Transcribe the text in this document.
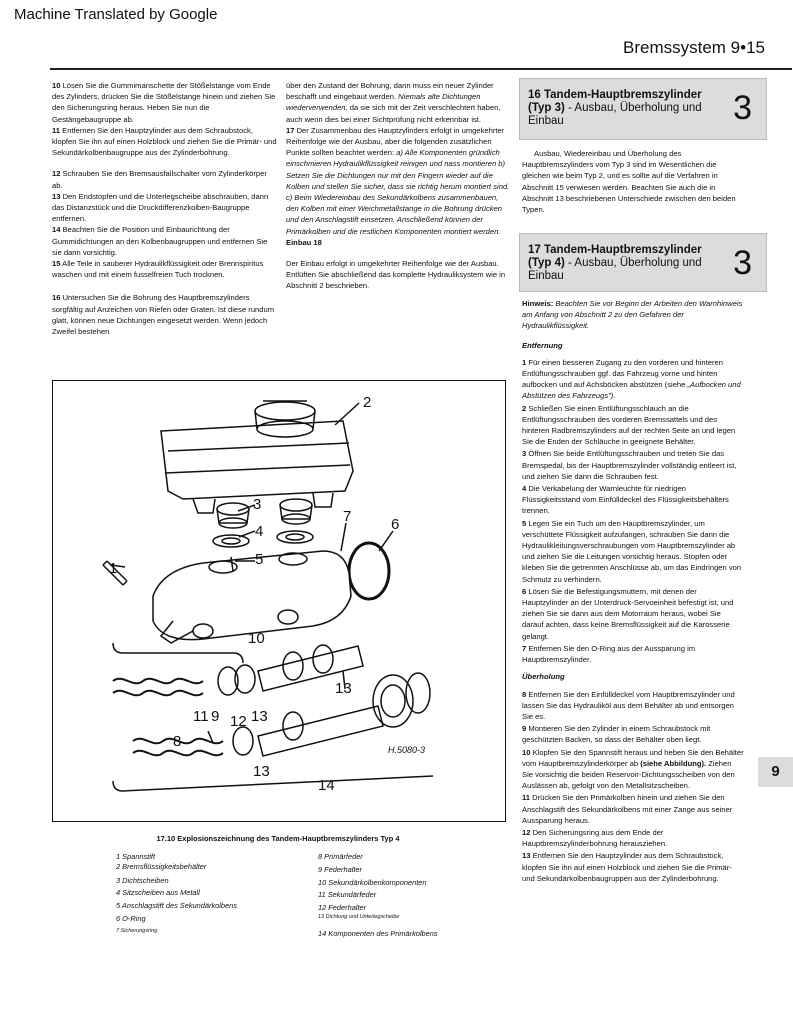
Machine Translated by Google
Bremssystem 9•15

10 Lösen Sie die Gummimanschette der Stößelstange vom Ende des Zylinders, drücken Sie die Stößelstange hinein und ziehen Sie den Sicherungsring heraus. Heben Sie nun die Gestängebaugruppe ab.

11 Entfernen Sie den Hauptzylinder aus dem Schraubstock, klopfen Sie ihn auf einen Holzblock und ziehen Sie die Primär- und Sekundärkolbenbaugruppe aus der Zylinderbohrung.

12 Schrauben Sie den Bremsausfallschalter vom Zylinderkörper ab.

13 Den Endstopfen und die Unterlegscheibe abschrauben, dann das Distanzstück und die Druckdifferenzkolben-Baugruppe entfernen.

14 Beachten Sie die Position und Einbaurichtung der Gummidichtungen an den Kolbenbaugruppen und entfernen Sie sie dann vorsichtig.

15 Alle Teile in sauberer Hydraulikflüssigkeit oder Brennspiritus waschen und mit einem fusselfreien Tuch trocknen.

16 Untersuchen Sie die Bohrung des Hauptbremszylinders sorgfältig auf Anzeichen von Riefen oder Graten. Ist diese rundum glatt, können neue Dichtungen eingesetzt werden. Wenn jedoch Zweifel bestehen

über den Zustand der Bohrung, dann muss ein neuer Zylinder beschafft und eingebaut werden. Niemals alte Dichtungen wiederverwenden, da sie sich mit der Zeit verschlechtert haben, auch wenn dies bei einer Sichtprüfung nicht erkennbar ist.
17 Der Zusammenbau des Hauptzylinders erfolgt in umgekehrter Reihenfolge wie der Ausbau, aber die folgenden zusätzlichen Punkte sollten beachtet werden: a) Alle Komponenten gründlich einschmieren Hydraulikflüssigkeit reinigen und nass montieren b) Setzen Sie die Dichtungen nur mit den Fingern wieder auf die Kolben und stellen Sie sicher, dass sie richtig herum montiert sind. c) Beim Wiedereinbau des Sekundärkolbens zusammenbauen, den Kolben mit einer Weichmetallstange in die Bohrung drücken und den Anschlagstift einsetzen. Anschließend können der Primärkolben und die restlichen Komponenten montiert werden. Einbau 18

Der Einbau erfolgt in umgekehrter Reihenfolge wie der Ausbau. Entlüften Sie abschließend das komplette Hydrauliksystem wie in Abschnitt 2 beschrieben.

16 Tandem-Hauptbremszylinder (Typ 3) - Ausbau, Überholung und Einbau	3

Ausbau, Wiedereinbau und Überholung des Hauptbremszylinders vom Typ 3 sind im Wesentlichen die gleichen wie beim Typ 2, und es sollte auf die Verfahren in Abschnitt 15 verwiesen werden. Beachten Sie auch die in Abschnitt 13 beschriebenen Unterschiede zwischen den beiden Typen.

17 Tandem-Hauptbremszylinder (Typ 4) - Ausbau, Überholung und Einbau	3

Hinweis: Beachten Sie vor Beginn der Arbeiten den Warnhinweis am Anfang von Abschnitt 2 zu den Gefahren der Hydraulikflüssigkeit.

Entfernung

1 Für einen besseren Zugang zu den vorderen und hinteren Entlüftungsschrauben ggf. das Fahrzeug vorne und hinten aufbocken und auf Achsböcken abstützen (siehe „Aufbocken und Abstützen des Fahrzeugs").

2 Schließen Sie einen Entlüftungsschlauch an die Entlüftungsschrauben des vorderen Bremssattels und des hinteren Radbremszylinders auf der rechten Seite an und legen Sie die Enden der Schläuche in geeignete Behälter.

3 Öffnen Sie beide Entlüftungsschrauben und treten Sie das Bremspedal, bis der Hauptbremszylinder vollständig entleert ist, und ziehen Sie dann die Schrauben fest.

4 Die Verkabelung der Warnleuchte für niedrigen Flüssigkeitsstand vom Einfülldeckel des Flüssigkeitsbehälters trennen.

5 Legen Sie ein Tuch um den Hauptbremszylinder, um verschüttete Flüssigkeit aufzufangen, schrauben Sie dann die Hydraulikleitungsverschraubungen vom Hauptbremszylinder ab und ziehen Sie die Leitungen vorsichtig heraus. Stopfen oder kleben Sie die getrennten Anschlüsse ab, um das Eindringen von Schmutz zu verhindern.

6 Lösen Sie die Befestigungsmuttern, mit denen der Hauptzylinder an der Unterdruck-Servoeinheit befestigt ist, und ziehen Sie sie dann aus dem Motorraum heraus, wobei Sie darauf achten, dass keine Bremsflüssigkeit auf die Karosserie gelangt.

7 Entfernen Sie den O-Ring aus der Aussparung im Hauptbremszylinder.

Überholung

8 Entfernen Sie den Einfülldeckel vom Hauptbremszylinder und lassen Sie das Hydrauliköl aus dem Behälter ab und entsorgen Sie es.

9 Montieren Sie den Zylinder in einem Schraubstock mit geschützten Backen, so dass der Behälter oben liegt.

10 Klopfen Sie den Spannstift heraus und heben Sie den Behälter vom Hauptbremszylinderkörper ab (siehe Abbildung). Ziehen Sie vorsichtig die beiden Reservoir-Dichtungsscheiben von den Auslässen ab, gefolgt von den Metallsitzscheiben.

11 Drücken Sie den Primärkolben hinein und ziehen Sie den Anschlagstift des Sekundärkolbens mit einer Zange aus seiner Aussparung heraus.

12 Den Sicherungsring aus dem Ende der Hauptbremszylinderbohrung herausziehen.

13 Entfernen Sie den Hauptzylinder aus dem Schraubstock, klopfen Sie ihn auf einen Holzblock und ziehen Sie die Primär- und Sekundärkolbenbaugruppen aus der Zylinderbohrung.

2
3
4
5
7	6
1
10
13
11 9 12 13
8
13
14
H.5080-3
17.10 Explosionszeichnung des Tandem-Hauptbremszylinders Typ 4
1 Spannstift
2 Bremsflüssigkeitsbehälter
3 Dichtscheiben
4 Sitzscheiben aus Metall
5 Anschlagstift des Sekundärkolbens
6 O-Ring
7 Sicherungsring
8 Primärfeder
9 Federhalter
10 Sekundärkolbenkomponenten
11 Sekundärfeder
12 Federhalter
13 Dichtung und Unterlegscheibe
14 Komponenten des Primärkolbens
9
